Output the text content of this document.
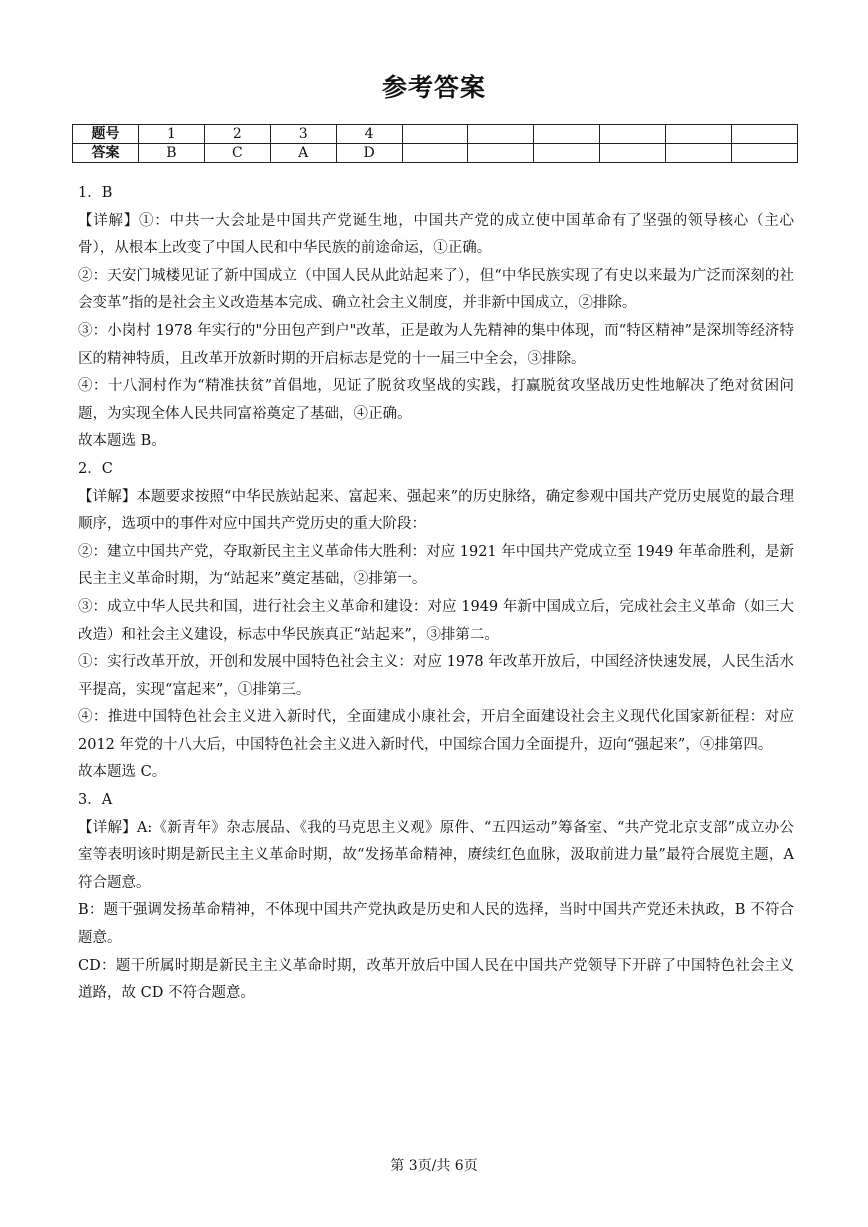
参考答案
题号	1	2	3	4						
答案	B	C	A	D						

1．B

【详解】①：中共一大会址是中国共产党诞生地，中国共产党的成立使中国革命有了坚强的领导核心（主心骨），从根本上改变了中国人民和中华民族的前途命运，①正确。

②：天安门城楼见证了新中国成立（中国人民从此站起来了），但“中华民族实现了有史以来最为广泛而深刻的社会变革”指的是社会主义改造基本完成、确立社会主义制度，并非新中国成立，②排除。

③：小岗村 1978 年实行的"分田包产到户"改革，正是敢为人先精神的集中体现，而“特区精神”是深圳等经济特区的精神特质，且改革开放新时期的开启标志是党的十一届三中全会，③排除。

④：十八洞村作为“精准扶贫”首倡地，见证了脱贫攻坚战的实践，打赢脱贫攻坚战历史性地解决了绝对贫困问题，为实现全体人民共同富裕奠定了基础，④正确。

故本题选 B。

2．C

【详解】本题要求按照“中华民族站起来、富起来、强起来”的历史脉络，确定参观中国共产党历史展览的最合理顺序，选项中的事件对应中国共产党历史的重大阶段：

②：建立中国共产党，夺取新民主主义革命伟大胜利：对应 1921 年中国共产党成立至 1949 年革命胜利，是新民主主义革命时期，为“站起来”奠定基础，②排第一。

③：成立中华人民共和国，进行社会主义革命和建设：对应 1949 年新中国成立后，完成社会主义革命（如三大改造）和社会主义建设，标志中华民族真正“站起来”，③排第二。

①：实行改革开放，开创和发展中国特色社会主义：对应 1978 年改革开放后，中国经济快速发展，人民生活水平提高，实现“富起来”，①排第三。

④：推进中国特色社会主义进入新时代，全面建成小康社会，开启全面建设社会主义现代化国家新征程：对应 2012 年党的十八大后，中国特色社会主义进入新时代，中国综合国力全面提升，迈向“强起来”，④排第四。

故本题选 C。

3．A

【详解】A:《新青年》杂志展品、《我的马克思主义观》原件、“五四运动”筹备室、“共产党北京支部”成立办公室等表明该时期是新民主主义革命时期，故“发扬革命精神，赓续红色血脉，汲取前进力量”最符合展览主题，A 符合题意。

B：题干强调发扬革命精神，不体现中国共产党执政是历史和人民的选择，当时中国共产党还未执政，B 不符合题意。

CD：题干所属时期是新民主主义革命时期，改革开放后中国人民在中国共产党领导下开辟了中国特色社会主义道路，故 CD 不符合题意。

第 3页/共 6页
